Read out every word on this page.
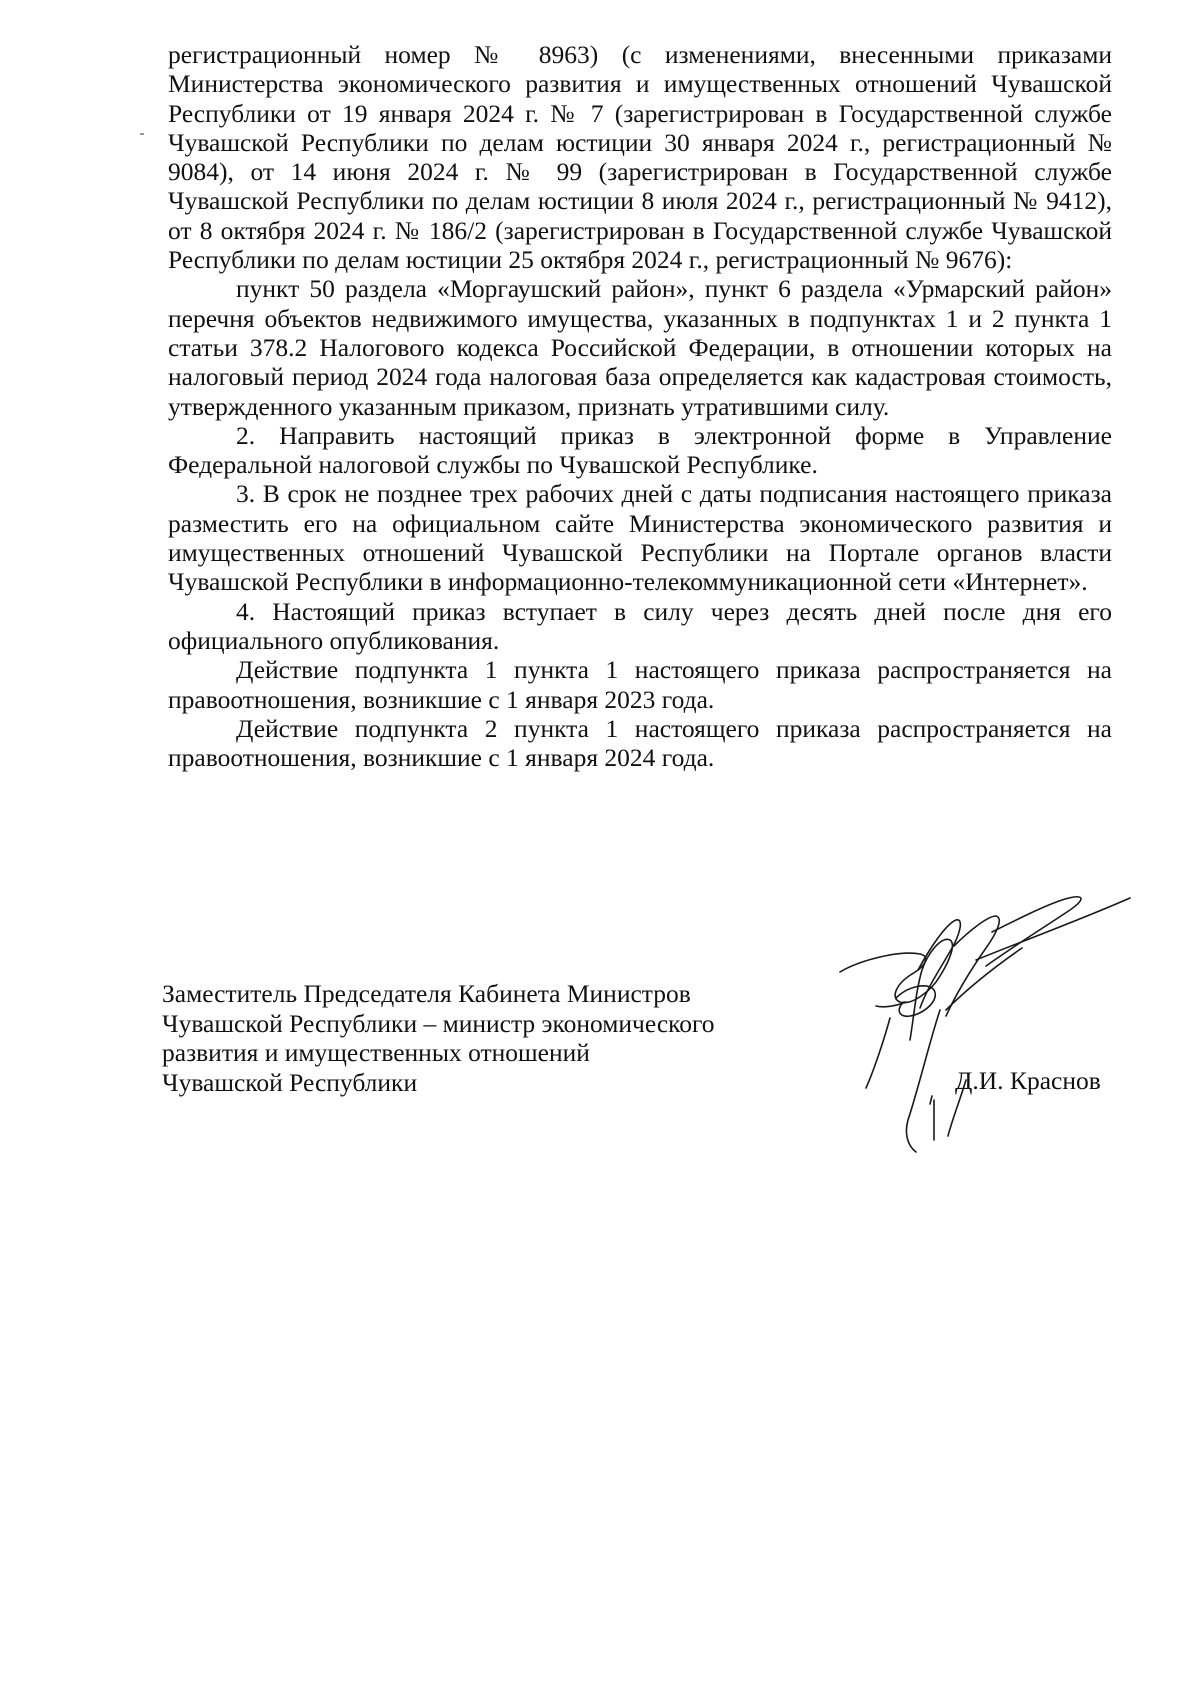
регистрационный номер № 8963) (с изменениями, внесенными приказами Министерства экономического развития и имущественных отношений Чувашской Республики от 19 января 2024 г. № 7 (зарегистрирован в Государственной службе Чувашской Республики по делам юстиции 30 января 2024 г., регистрационный № 9084), от 14 июня 2024 г. № 99 (зарегистрирован в Государственной службе Чувашской Республики по делам юстиции 8 июля 2024 г., регистрационный № 9412), от 8 октября 2024 г. № 186/2 (зарегистрирован в Государственной службе Чувашской Республики по делам юстиции 25 октября 2024 г., регистрационный № 9676):

пункт 50 раздела «Моргаушский район», пункт 6 раздела «Урмарский район» перечня объектов недвижимого имущества, указанных в подпунктах 1 и 2 пункта 1 статьи 378.2 Налогового кодекса Российской Федерации, в отношении которых на налоговый период 2024 года налоговая база определяется как кадастровая стоимость, утвержденного указанным приказом, признать утратившими силу.

2. Направить настоящий приказ в электронной форме в Управление Федеральной налоговой службы по Чувашской Республике.

3. В срок не позднее трех рабочих дней с даты подписания настоящего приказа разместить его на официальном сайте Министерства экономического развития и имущественных отношений Чувашской Республики на Портале органов власти Чувашской Республики в информационно-телекоммуникационной сети «Интернет».

4. Настоящий приказ вступает в силу через десять дней после дня его официального опубликования.

Действие подпункта 1 пункта 1 настоящего приказа распространяется на правоотношения, возникшие с 1 января 2023 года.

Действие подпункта 2 пункта 1 настоящего приказа распространяется на правоотношения, возникшие с 1 января 2024 года.

Заместитель Председателя Кабинета Министров
Чувашской Республики – министр экономического
развития и имущественных отношений
Чувашской Республики	Д.И. Краснов
